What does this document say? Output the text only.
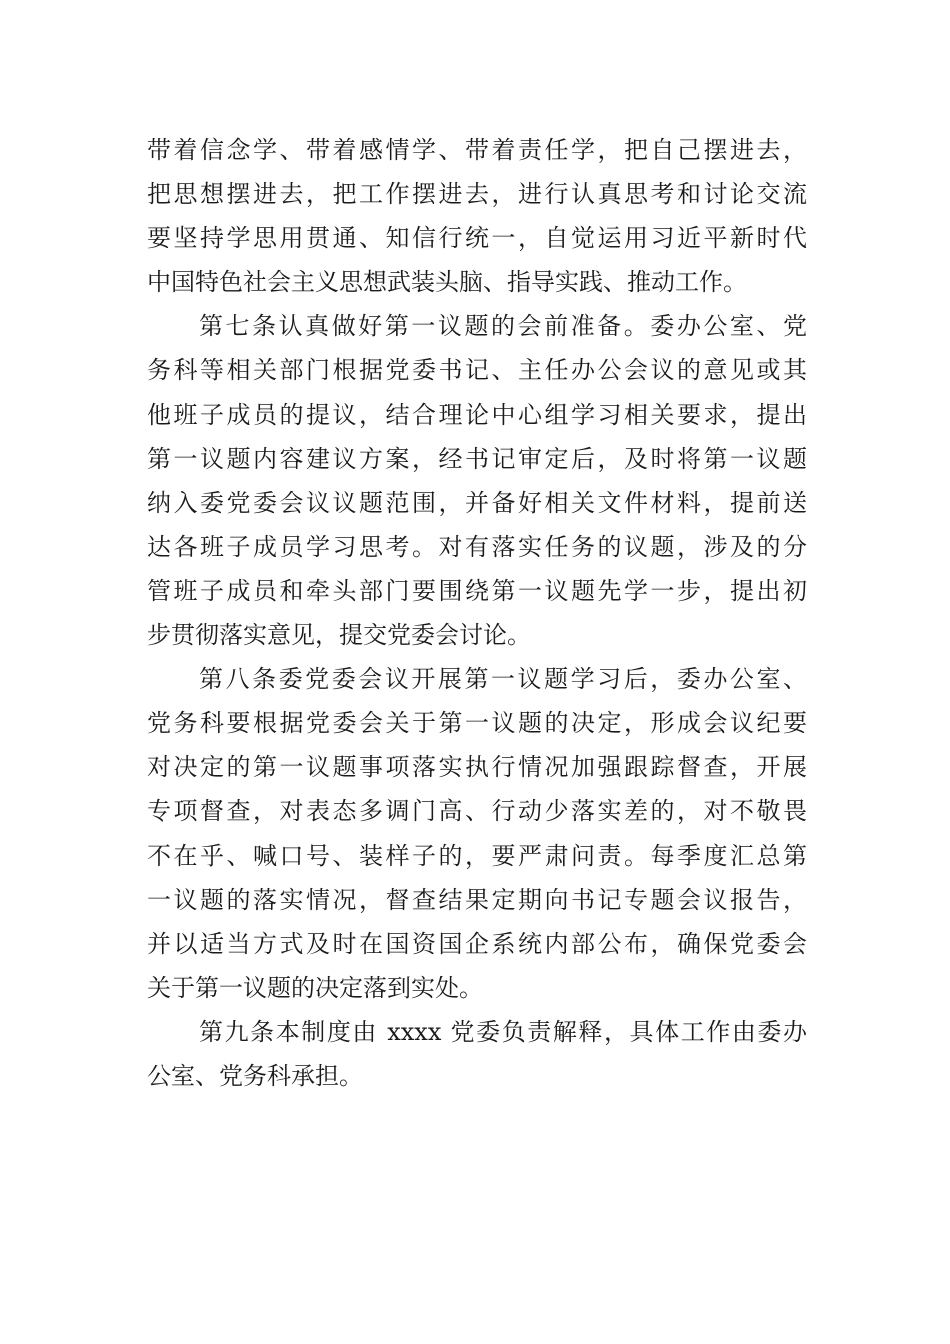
带着信念学、带着感情学、带着责任学，把自己摆进去，
把思想摆进去，把工作摆进去，进行认真思考和讨论交流
要坚持学思用贯通、知信行统一，自觉运用习近平新时代
中国特色社会主义思想武装头脑、指导实践、推动工作。
第七条认真做好第一议题的会前准备。委办公室、党
务科等相关部门根据党委书记、主任办公会议的意见或其
他班子成员的提议，结合理论中心组学习相关要求，提出
第一议题内容建议方案，经书记审定后，及时将第一议题
纳入委党委会议议题范围，并备好相关文件材料，提前送
达各班子成员学习思考。对有落实任务的议题，涉及的分
管班子成员和牵头部门要围绕第一议题先学一步，提出初
步贯彻落实意见，提交党委会讨论。
第八条委党委会议开展第一议题学习后，委办公室、
党务科要根据党委会关于第一议题的决定，形成会议纪要
对决定的第一议题事项落实执行情况加强跟踪督查，开展
专项督查，对表态多调门高、行动少落实差的，对不敬畏
不在乎、喊口号、装样子的，要严肃问责。每季度汇总第
一议题的落实情况，督查结果定期向书记专题会议报告，
并以适当方式及时在国资国企系统内部公布，确保党委会
关于第一议题的决定落到实处。
第九条本制度由 xxxx 党委负责解释，具体工作由委办
公室、党务科承担。
